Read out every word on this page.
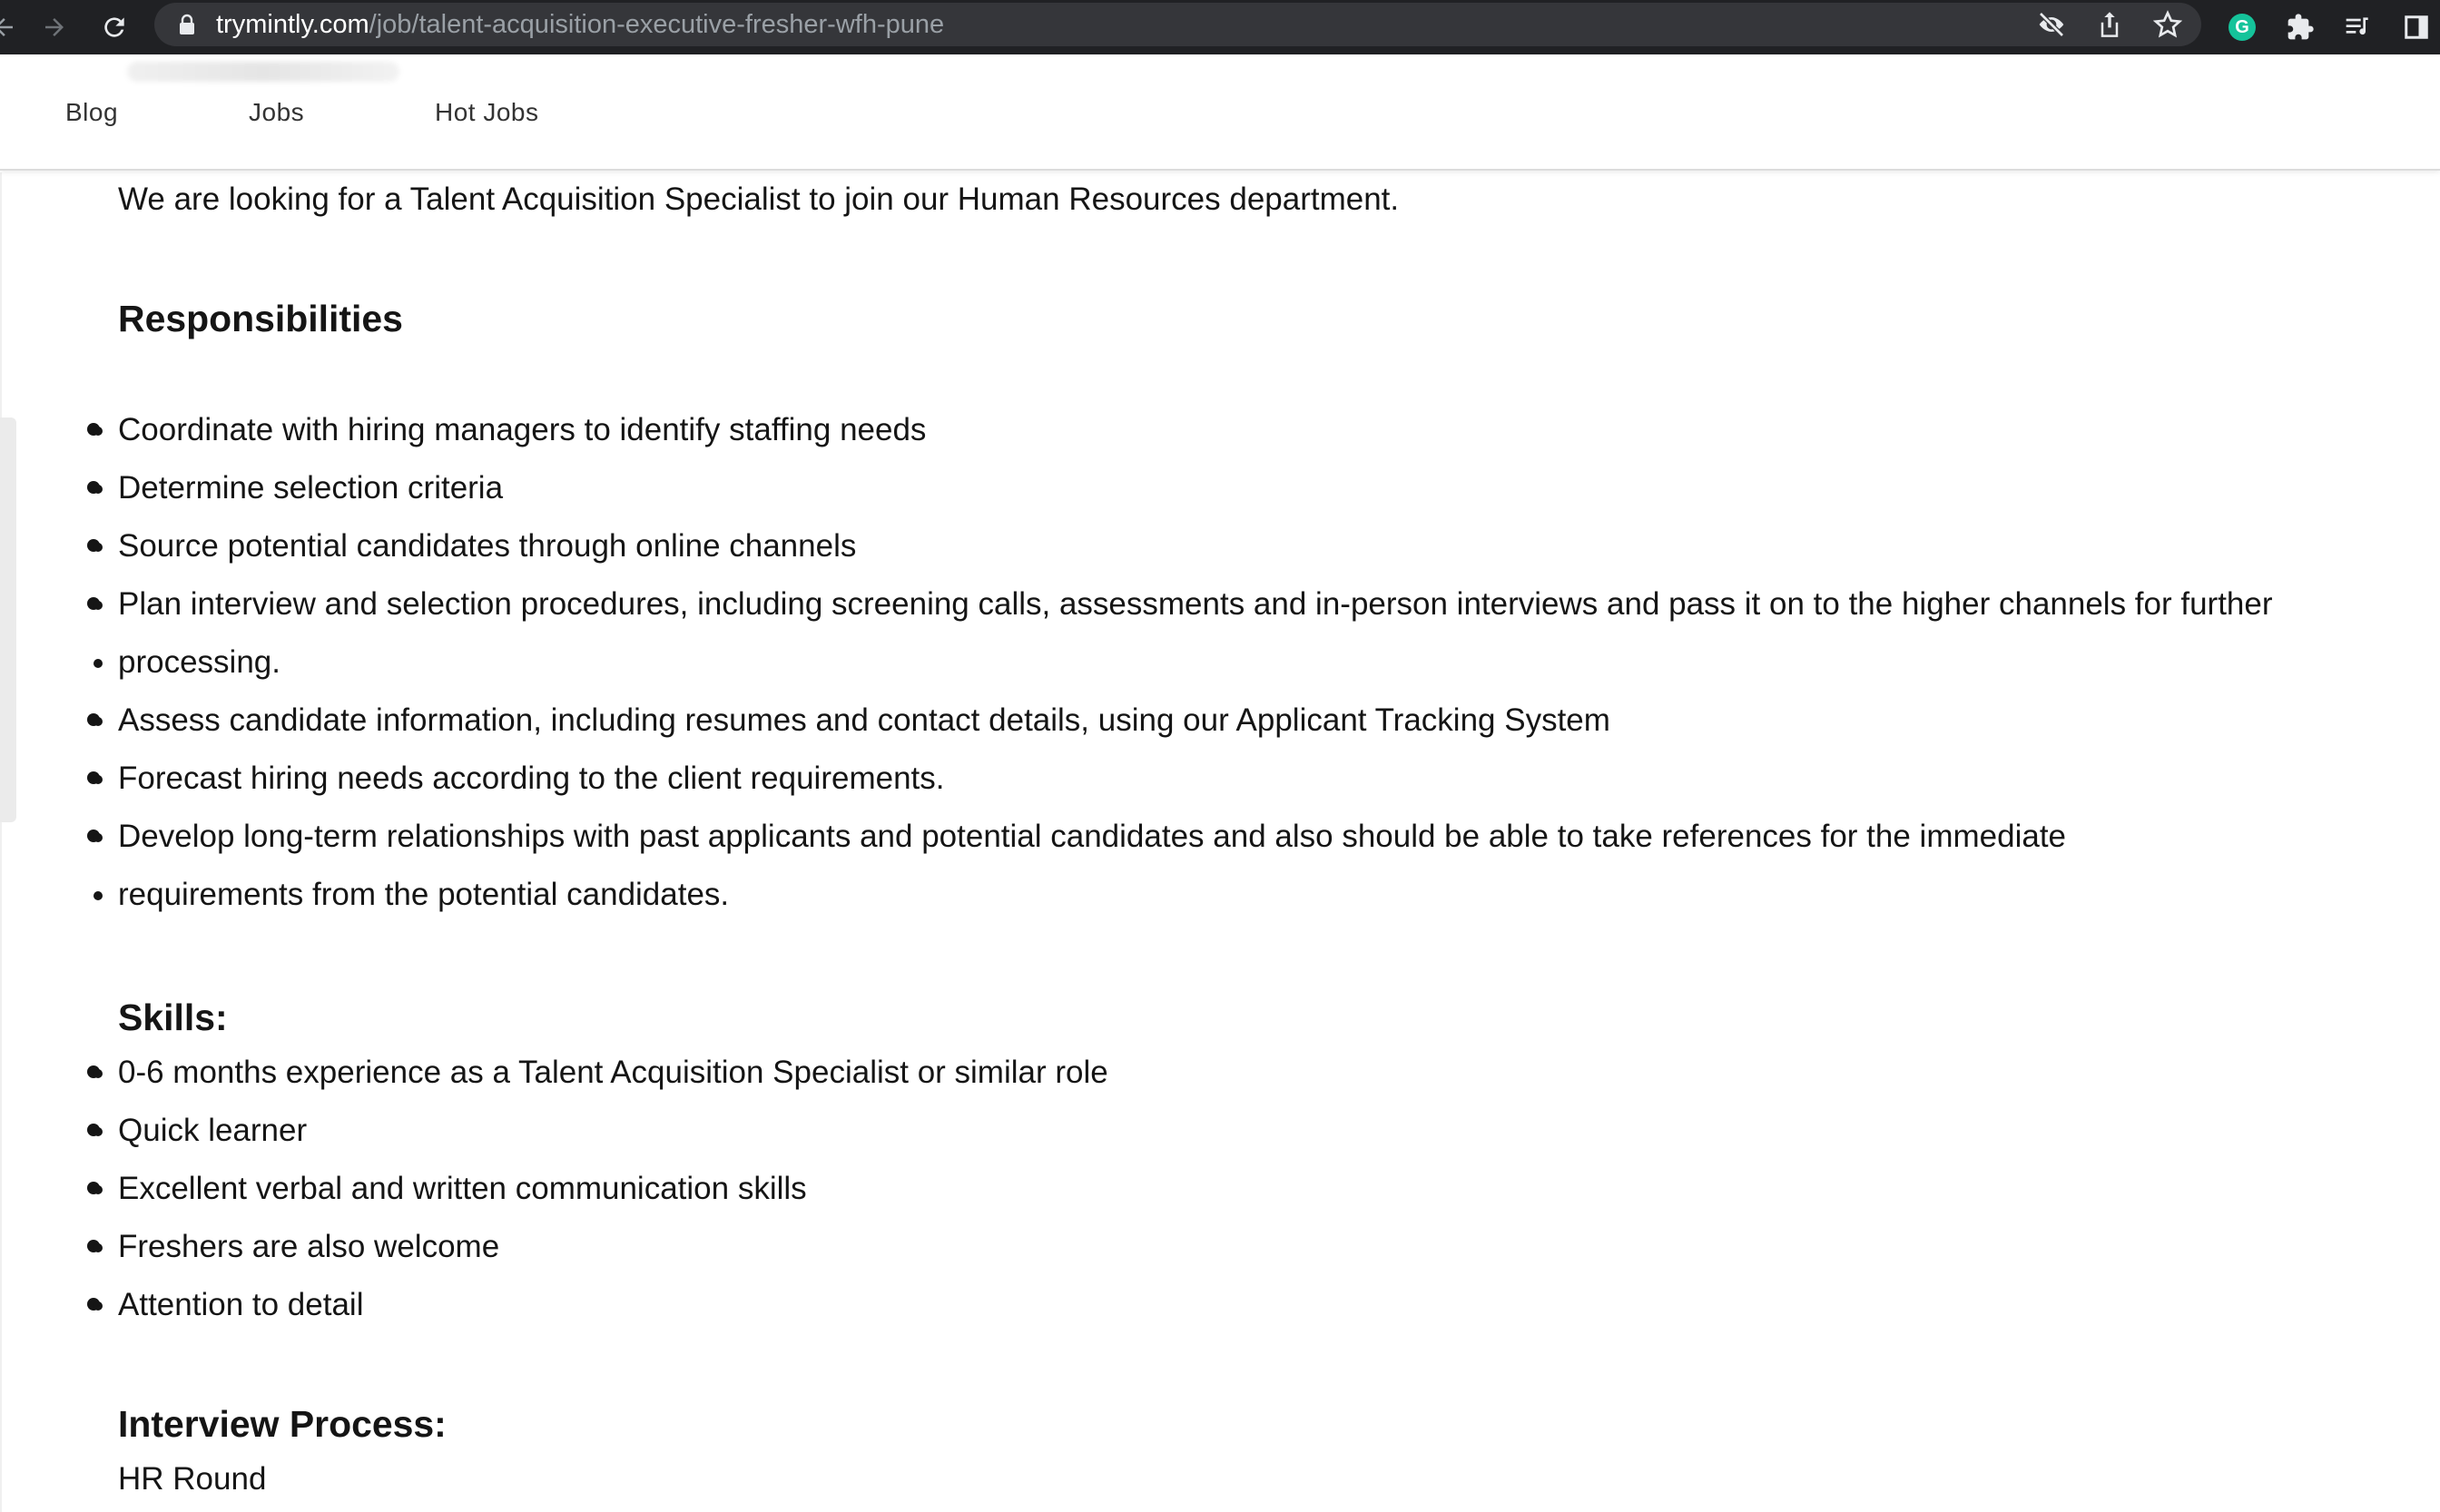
trymintly.com/job/talent-acquisition-executive-fresher-wfh-pune	G
Blog	Jobs	Hot Jobs

We are looking for a Talent Acquisition Specialist to join our Human Resources department.

Responsibilities
• Coordinate with hiring managers to identify staffing needs
• Determine selection criteria
• Source potential candidates through online channels
• Plan interview and selection procedures, including screening calls, assessments and in-person interviews and pass it on to the higher channels for further
• processing.
• Assess candidate information, including resumes and contact details, using our Applicant Tracking System
• Forecast hiring needs according to the client requirements.
• Develop long-term relationships with past applicants and potential candidates and also should be able to take references for the immediate
• requirements from the potential candidates.
Skills:
• 0-6 months experience as a Talent Acquisition Specialist or similar role
• Quick learner
• Excellent verbal and written communication skills
• Freshers are also welcome
• Attention to detail
Interview Process:

HR Round
